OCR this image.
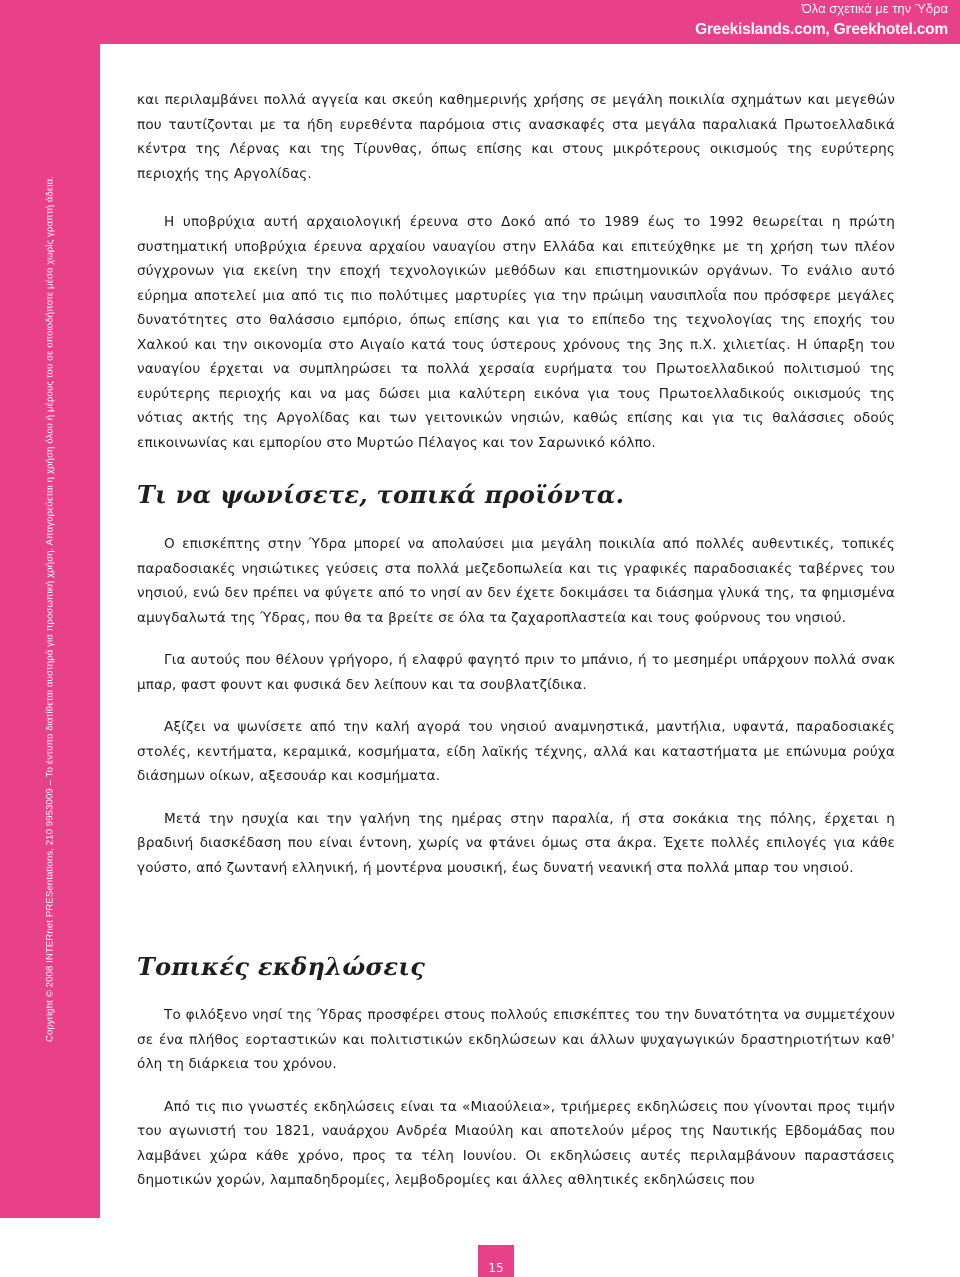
Copyright © 2008 INTERnet PRESentations, 210 9953009 – Το έντυπο διατίθεται αυστηρά για προσωπική χρήση. Απαγορεύεται η χρήση όλου ή μέρους του σε οποιοδήποτε μέσο χωρίς γραπτή άδεια.
Όλα σχετικά με την Ύδρα
Greekislands.com, Greekhotel.com

και περιλαμβάνει πολλά αγγεία και σκεύη καθημερινής χρήσης σε μεγάλη ποικιλία σχημάτων και μεγεθών που ταυτίζονται με τα ήδη ευρεθέντα παρόμοια στις ανασκαφές στα μεγάλα παραλιακά Πρωτοελλαδικά κέντρα της Λέρνας και της Τίρυνθας, όπως επίσης και στους μικρότερους οικισμούς της ευρύτερης περιοχής της Αργολίδας.

Η υποβρύχια αυτή αρχαιολογική έρευνα στο Δοκό από το 1989 έως το 1992 θεωρείται η πρώτη συστηματική υποβρύχια έρευνα αρχαίου ναυαγίου στην Ελλάδα και επιτεύχθηκε με τη χρήση των πλέον σύγχρονων για εκείνη την εποχή τεχνολογικών μεθόδων και επιστημονικών οργάνων. Το ενάλιο αυτό εύρημα αποτελεί μια από τις πιο πολύτιμες μαρτυρίες για την πρώιμη ναυσιπλοΐα που πρόσφερε μεγάλες δυνατότητες στο θαλάσσιο εμπόριο, όπως επίσης και για το επίπεδο της τεχνολογίας της εποχής του Χαλκού και την οικονομία στο Αιγαίο κατά τους ύστερους χρόνους της 3ης π.Χ. χιλιετίας. Η ύπαρξη του ναυαγίου έρχεται να συμπληρώσει τα πολλά χερσαία ευρήματα του Πρωτοελλαδικού πολιτισμού της ευρύτερης περιοχής και να μας δώσει μια καλύτερη εικόνα για τους Πρωτοελλαδικούς οικισμούς της νότιας ακτής της Αργολίδας και των γειτονικών νησιών, καθώς επίσης και για τις θαλάσσιες οδούς επικοινωνίας και εμπορίου στο Μυρτώο Πέλαγος και τον Σαρωνικό κόλπο.

Τι να ψωνίσετε, τοπικά προϊόντα.

Ο επισκέπτης στην Ύδρα μπορεί να απολαύσει μια μεγάλη ποικιλία από πολλές αυθεντικές, τοπικές παραδοσιακές νησιώτικες γεύσεις στα πολλά μεζεδοπωλεία και τις γραφικές παραδοσιακές ταβέρνες του νησιού, ενώ δεν πρέπει να φύγετε από το νησί αν δεν έχετε δοκιμάσει τα διάσημα γλυκά της, τα φημισμένα αμυγδαλωτά της Ύδρας, που θα τα βρείτε σε όλα τα ζαχαροπλαστεία και τους φούρνους του νησιού.

Για αυτούς που θέλουν γρήγορο, ή ελαφρύ φαγητό πριν το μπάνιο, ή το μεσημέρι υπάρχουν πολλά σνακ μπαρ, φαστ φουντ και φυσικά δεν λείπουν και τα σουβλατζίδικα.

Αξίζει να ψωνίσετε από την καλή αγορά του νησιού αναμνηστικά, μαντήλια, υφαντά, παραδοσιακές στολές, κεντήματα, κεραμικά, κοσμήματα, είδη λαϊκής τέχνης, αλλά και καταστήματα με επώνυμα ρούχα διάσημων οίκων, αξεσουάρ και κοσμήματα.

Μετά την ησυχία και την γαλήνη της ημέρας στην παραλία, ή στα σοκάκια της πόλης, έρχεται η βραδινή διασκέδαση που είναι έντονη, χωρίς να φτάνει όμως στα άκρα. Έχετε πολλές επιλογές για κάθε γούστο, από ζωντανή ελληνική, ή μοντέρνα μουσική, έως δυνατή νεανική στα πολλά μπαρ του νησιού.

Τοπικές εκδηλώσεις

Το φιλόξενο νησί της Ύδρας προσφέρει στους πολλούς επισκέπτες του την δυνατότητα να συμμετέχουν σε ένα πλήθος εορταστικών και πολιτιστικών εκδηλώσεων και άλλων ψυχαγωγικών δραστηριοτήτων καθ' όλη τη διάρκεια του χρόνου.

Από τις πιο γνωστές εκδηλώσεις είναι τα «Μιαούλεια», τριήμερες εκδηλώσεις που γίνονται προς τιμήν του αγωνιστή του 1821, ναυάρχου Ανδρέα Μιαούλη και αποτελούν μέρος της Ναυτικής Εβδομάδας που λαμβάνει χώρα κάθε χρόνο, προς τα τέλη Ιουνίου. Οι εκδηλώσεις αυτές περιλαμβάνουν παραστάσεις δημοτικών χορών, λαμπαδηδρομίες, λεμβοδρομίες και άλλες αθλητικές εκδηλώσεις που

15
